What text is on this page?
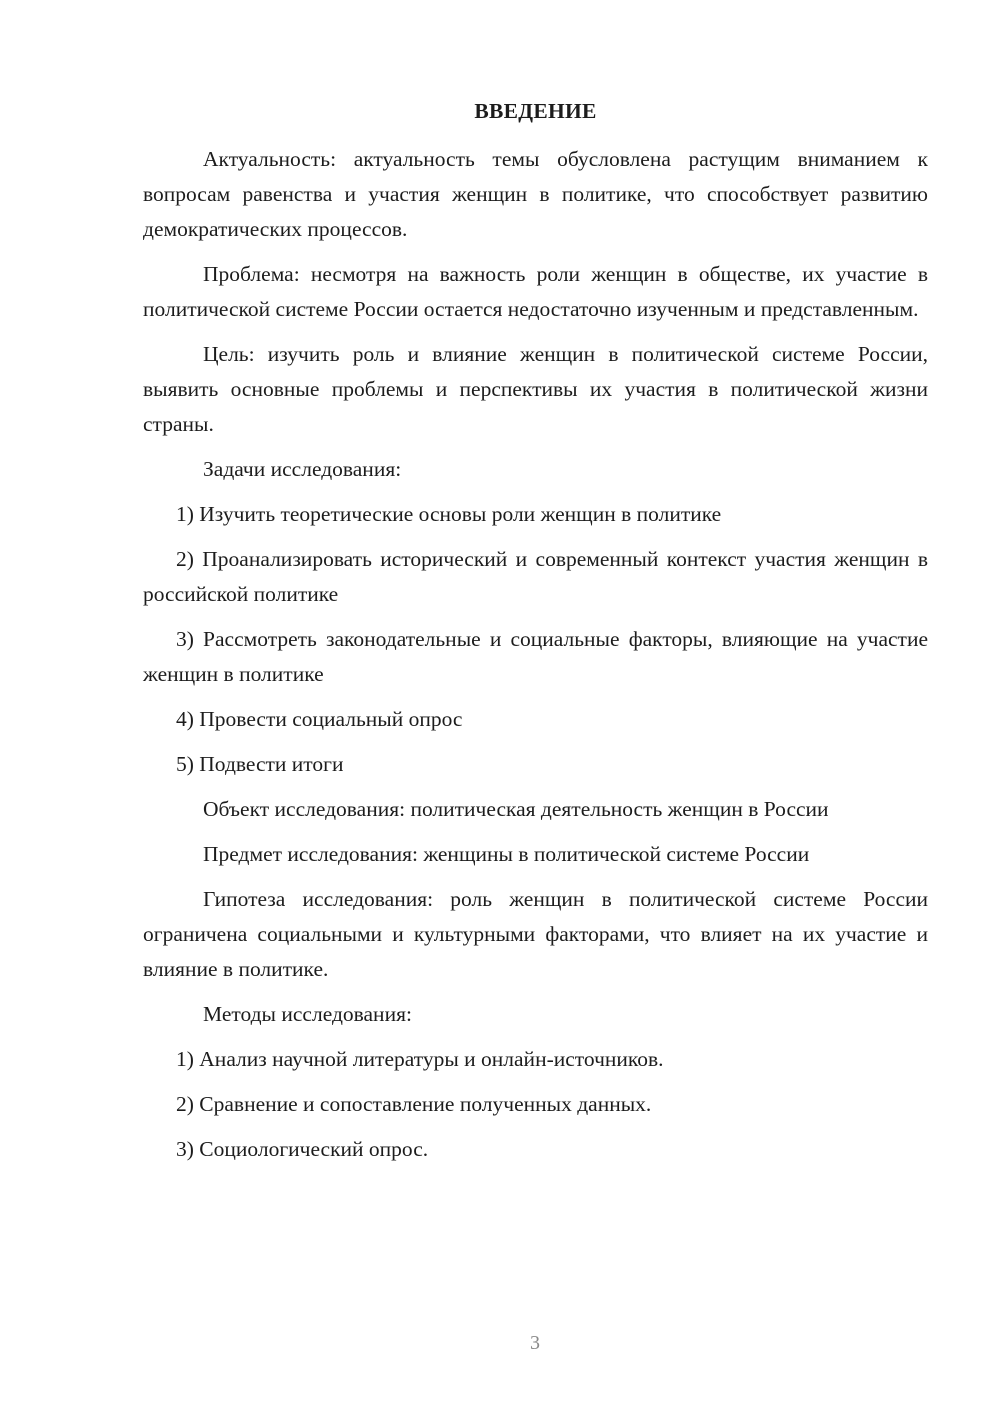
ВВЕДЕНИЕ

Актуальность: актуальность темы обусловлена растущим вниманием к вопросам равенства и участия женщин в политике, что способствует развитию демократических процессов.

Проблема: несмотря на важность роли женщин в обществе, их участие в политической системе России остается недостаточно изученным и представленным.

Цель: изучить роль и влияние женщин в политической системе России, выявить основные проблемы и перспективы их участия в политической жизни страны.

Задачи исследования:

1) Изучить теоретические основы роли женщин в политике

2) Проанализировать исторический и современный контекст участия женщин в российской политике

3) Рассмотреть законодательные и социальные факторы, влияющие на участие женщин в политике

4) Провести социальный опрос

5) Подвести итоги

Объект исследования: политическая деятельность женщин в России

Предмет исследования: женщины в политической системе России

Гипотеза исследования: роль женщин в политической системе России ограничена социальными и культурными факторами, что влияет на их участие и влияние в политике.

Методы исследования:

1) Анализ научной литературы и онлайн-источников.

2) Сравнение и сопоставление полученных данных.

3) Социологический опрос.

3
